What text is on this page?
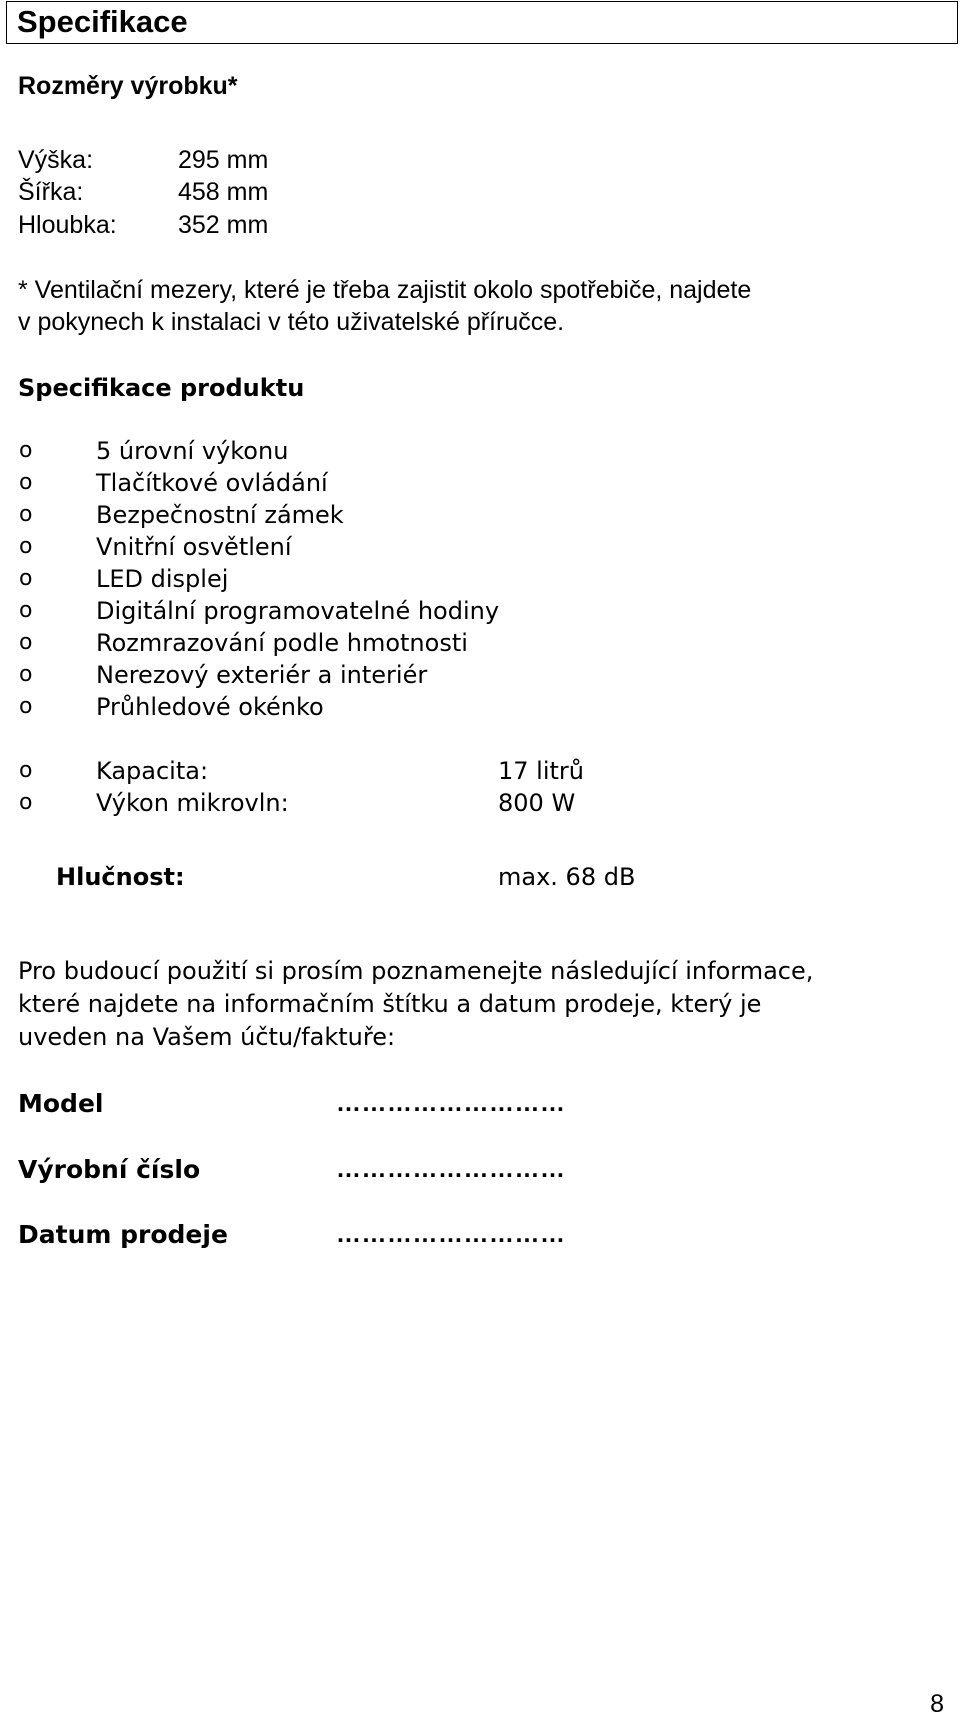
Specifikace
Rozměry výrobku*
Výška:	295 mm
Šířka:	458 mm
Hloubka: 352 mm
* Ventilační mezery, které je třeba zajistit okolo spotřebiče, najdete
v pokynech k instalaci v této uživatelské příručce.
Specifikace produktu
o	5 úrovní výkonu
o	Tlačítkové ovládání
o	Bezpečnostní zámek
o	Vnitřní osvětlení
o	LED displej
o	Digitální programovatelné hodiny
o	Rozmrazování podle hmotnosti
o	Nerezový exteriér a interiér
o	Průhledové okénko
o	Kapacita:	17 litrů
o	Výkon mikrovln:	800 W
Hlučnost:	max. 68 dB
Pro budoucí použití si prosím poznamenejte následující informace,
které najdete na informačním štítku a datum prodeje, který je
uveden na Vašem účtu/faktuře:
Model	………………………
Výrobní číslo	………………………
Datum prodeje	………………………
8
